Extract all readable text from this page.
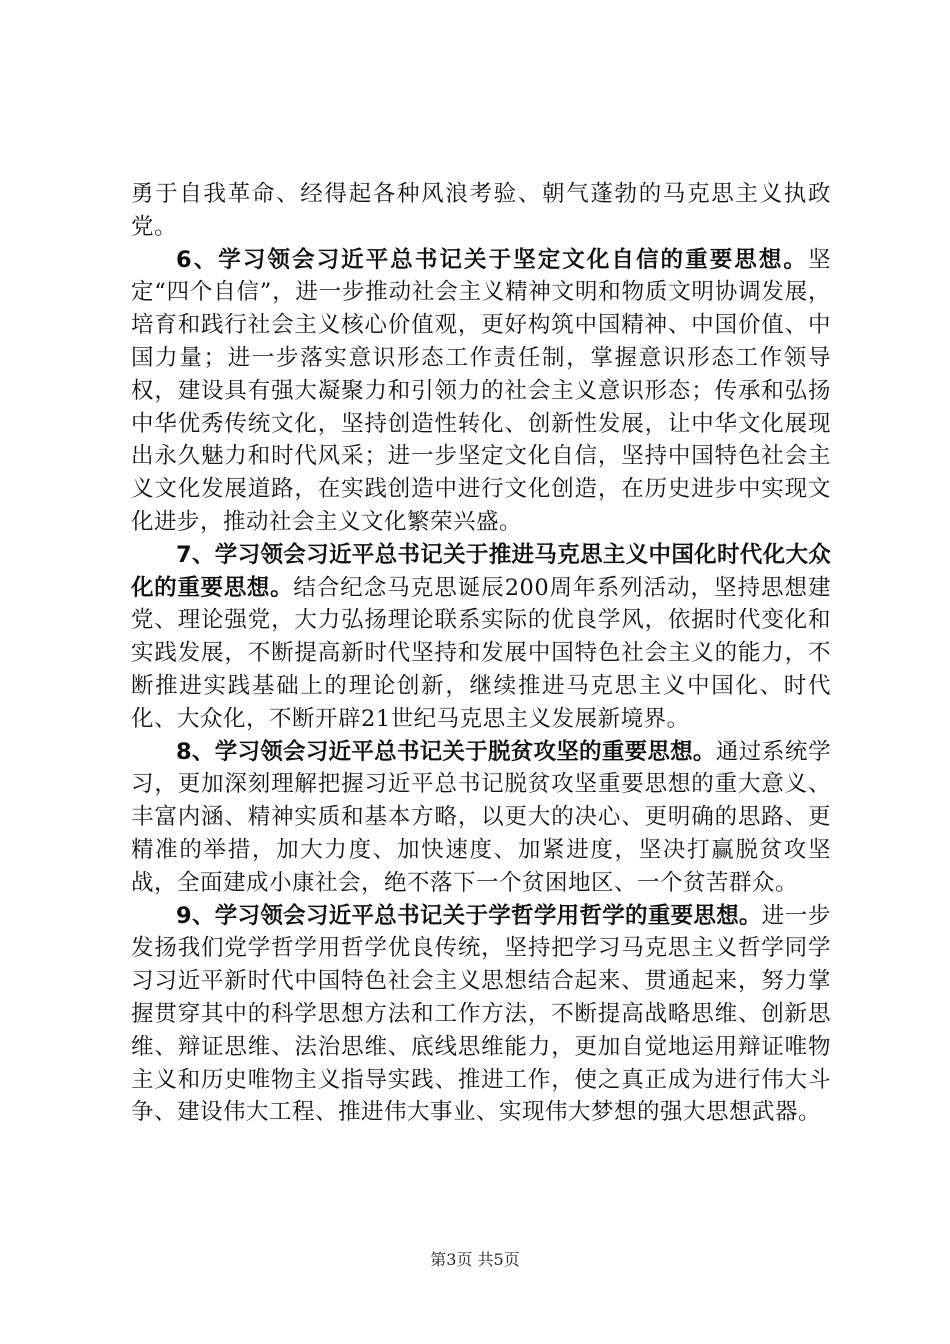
勇于自我革命、经得起各种风浪考验、朝气蓬勃的马克思主义执政党。

6、学习领会习近平总书记关于坚定文化自信的重要思想。坚定“四个自信”，进一步推动社会主义精神文明和物质文明协调发展，培育和践行社会主义核心价值观，更好构筑中国精神、中国价值、中国力量；进一步落实意识形态工作责任制，掌握意识形态工作领导权，建设具有强大凝聚力和引领力的社会主义意识形态；传承和弘扬中华优秀传统文化，坚持创造性转化、创新性发展，让中华文化展现出永久魅力和时代风采；进一步坚定文化自信，坚持中国特色社会主义文化发展道路，在实践创造中进行文化创造，在历史进步中实现文化进步，推动社会主义文化繁荣兴盛。

7、学习领会习近平总书记关于推进马克思主义中国化时代化大众化的重要思想。结合纪念马克思诞辰200周年系列活动，坚持思想建党、理论强党，大力弘扬理论联系实际的优良学风，依据时代变化和实践发展，不断提高新时代坚持和发展中国特色社会主义的能力，不断推进实践基础上的理论创新，继续推进马克思主义中国化、时代化、大众化，不断开辟21世纪马克思主义发展新境界。

8、学习领会习近平总书记关于脱贫攻坚的重要思想。通过系统学习，更加深刻理解把握习近平总书记脱贫攻坚重要思想的重大意义、丰富内涵、精神实质和基本方略，以更大的决心、更明确的思路、更精准的举措，加大力度、加快速度、加紧进度，坚决打赢脱贫攻坚战，全面建成小康社会，绝不落下一个贫困地区、一个贫苦群众。

9、学习领会习近平总书记关于学哲学用哲学的重要思想。进一步发扬我们党学哲学用哲学优良传统，坚持把学习马克思主义哲学同学习习近平新时代中国特色社会主义思想结合起来、贯通起来，努力掌握贯穿其中的科学思想方法和工作方法，不断提高战略思维、创新思维、辩证思维、法治思维、底线思维能力，更加自觉地运用辩证唯物主义和历史唯物主义指导实践、推进工作，使之真正成为进行伟大斗争、建设伟大工程、推进伟大事业、实现伟大梦想的强大思想武器。

第3页 共5页
